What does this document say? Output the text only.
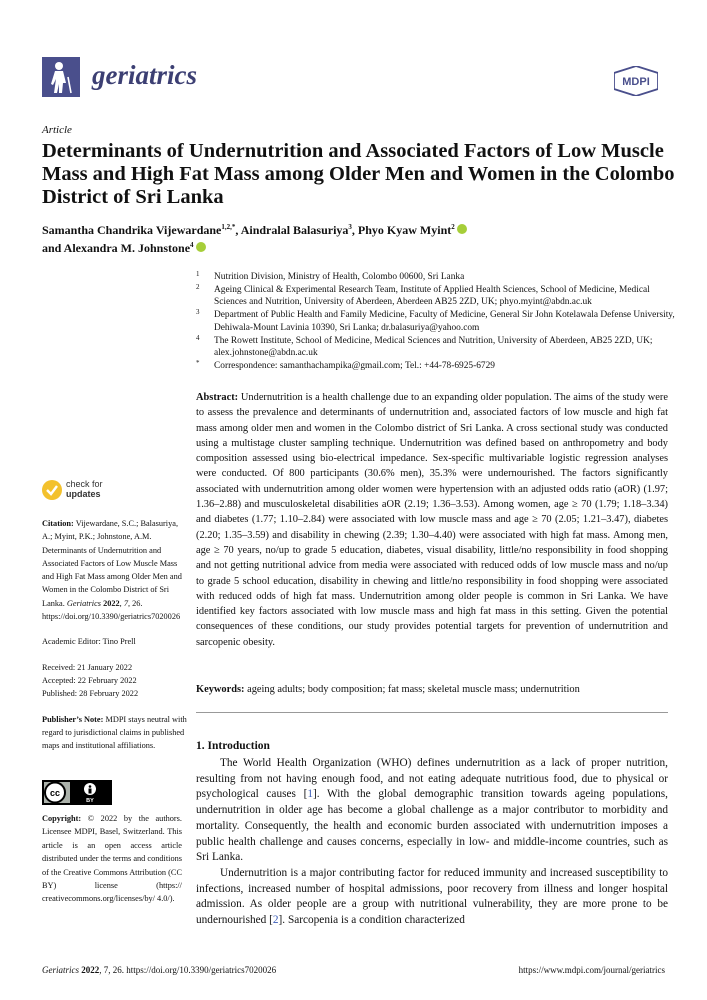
geriatrics	MDPI
Article
Determinants of Undernutrition and Associated Factors of Low Muscle Mass and High Fat Mass among Older Men and Women in the Colombo District of Sri Lanka
Samantha Chandrika Vijewardane$^{1,2,*}$, Aindralal Balasuriya$^3$, Phyo Kyaw Myint$^2$
and Alexandra M. Johnstone$^4$
1 Nutrition Division, Ministry of Health, Colombo 00600, Sri Lanka
2 Ageing Clinical & Experimental Research Team, Institute of Applied Health Sciences, School of Medicine, Medical Sciences and Nutrition, University of Aberdeen, Aberdeen AB25 2ZD, UK; phyo.myint@abdn.ac.uk
3 Department of Public Health and Family Medicine, Faculty of Medicine, General Sir John Kotelawala Defense University, Dehiwala-Mount Lavinia 10390, Sri Lanka; dr.balasuriya@yahoo.com
4 The Rowett Institute, School of Medicine, Medical Sciences and Nutrition, University of Aberdeen, AB25 2ZD, UK; alex.johnstone@abdn.ac.uk
* Correspondence: samanthachampika@gmail.com; Tel.: +44-78-6925-6729
Abstract: Undernutrition is a health challenge due to an expanding older population. The aims of the study were to assess the prevalence and determinants of undernutrition and, associated factors of low muscle and high fat mass among older men and women in the Colombo district of Sri Lanka. A cross sectional study was conducted using a multistage cluster sampling technique. Undernutrition was defined based on anthropometry and body composition assessed using bio-electrical impedance. Sex-specific multivariable logistic regression analyses were conducted. Of 800 participants (30.6% men), 35.3% were undernourished. The factors significantly associated with undernutrition among older women were hypertension with an adjusted odds ratio (aOR) (1.97; 1.36–2.88) and musculoskeletal disabilities aOR (2.19; 1.36–3.53). Among women, age ≥ 70 (1.79; 1.18–3.34) and diabetes (1.77; 1.10–2.84) were associated with low muscle mass and age ≥ 70 (2.05; 1.21–3.47), diabetes (2.20; 1.35–3.59) and disability in chewing (2.39; 1.30–4.40) were associated with high fat mass. Among men, age ≥ 70 years, no/up to grade 5 education, diabetes, visual disability, little/no responsibility in food shopping and not getting nutritional advice from media were associated with reduced odds of low muscle mass and no/up to grade 5 school education, disability in chewing and little/no responsibility in food shopping were associated with reduced odds of high fat mass. Undernutrition among older people is common in Sri Lanka. We have identified key factors associated with low muscle mass and high fat mass in this setting. Given the potential consequences of these conditions, our study provides potential targets for prevention of undernutrition and sarcopenic obesity.
Keywords: ageing adults; body composition; fat mass; skeletal muscle mass; undernutrition
1. Introduction

The World Health Organization (WHO) defines undernutrition as a lack of proper nutrition, resulting from not having enough food, and not eating adequate nutritious food, due to physical or psychological causes [1]. With the global demographic transition towards ageing populations, undernutrition in older age has become a global challenge as a major contributor to morbidity and mortality. Consequently, the health and economic burden associated with undernutrition imposes a public health challenge and causes concerns, especially in low- and middle-income countries, such as Sri Lanka.

Undernutrition is a major contributing factor for reduced immunity and increased susceptibility to infections, increased number of hospital admissions, poor recovery from illness and longer hospital admission. As older people are a group with nutritional vulnerability, they are more prone to be undernourished [2]. Sarcopenia is a condition characterized

check for
updates
Citation: Vijewardane, S.C.; Balasuriya, A.; Myint, P.K.; Johnstone, A.M. Determinants of Undernutrition and Associated Factors of Low Muscle Mass and High Fat Mass among Older Men and Women in the Colombo District of Sri Lanka. Geriatrics 2022, 7, 26. https://doi.org/10.3390/geriatrics7020026
Academic Editor: Tino Prell
Received: 21 January 2022
Accepted: 22 February 2022
Published: 28 February 2022
Publisher’s Note: MDPI stays neutral with regard to jurisdictional claims in published maps and institutional affiliations.
cc
BY
Copyright: © 2022 by the authors. Licensee MDPI, Basel, Switzerland. This article is an open access article distributed under the terms and conditions of the Creative Commons Attribution (CC BY) license (https:// creativecommons.org/licenses/by/ 4.0/).
Geriatrics 2022, 7, 26. https://doi.org/10.3390/geriatrics7020026	https://www.mdpi.com/journal/geriatrics
